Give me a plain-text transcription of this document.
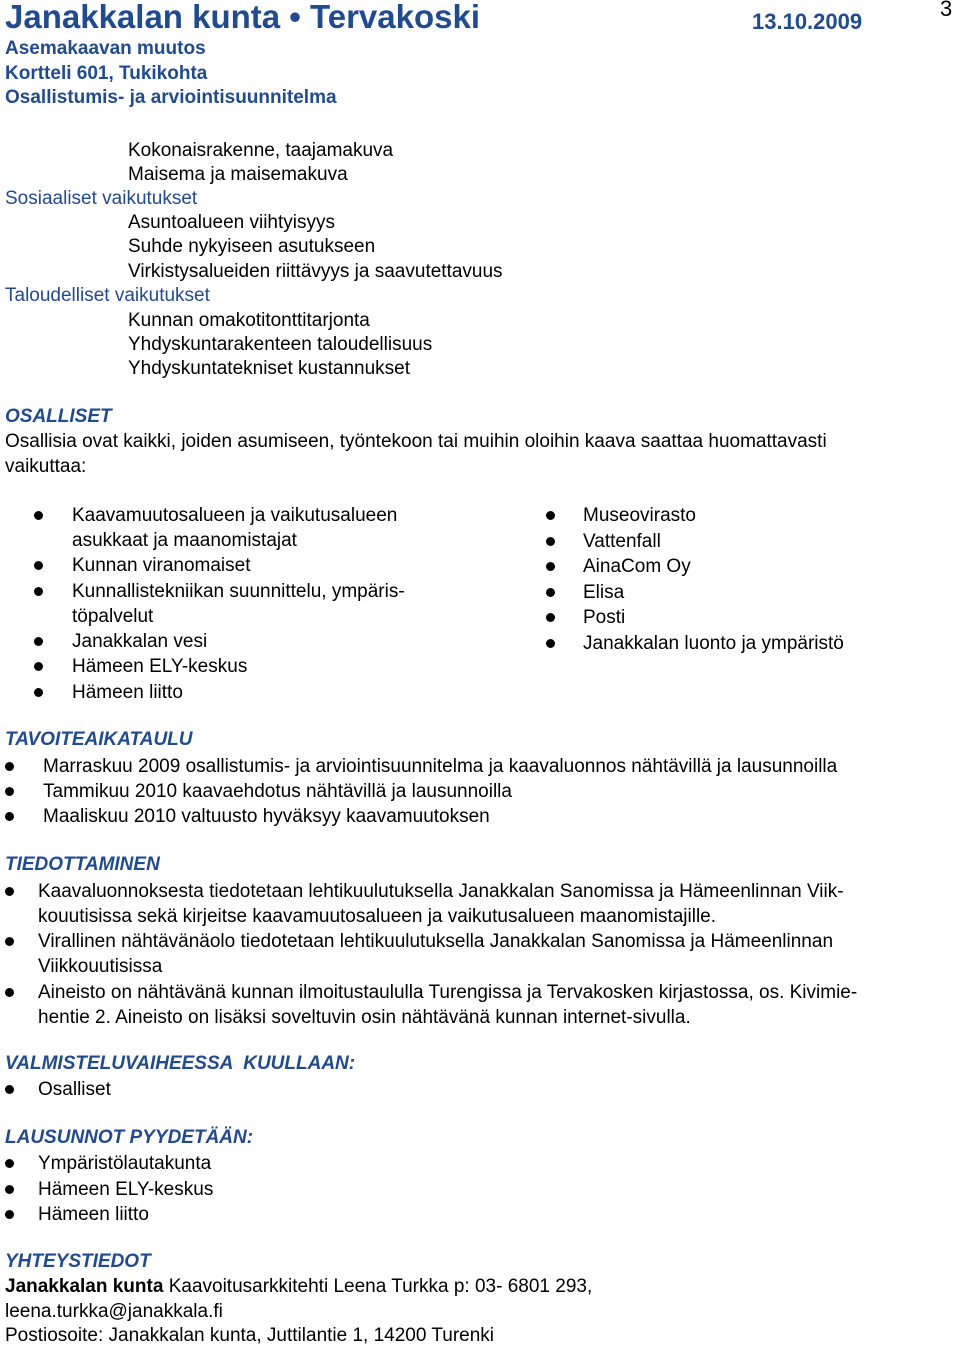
Janakkalan kunta • Tervakoski	13.10.2009
3
Asemakaavan muutos
Kortteli 601, Tukikohta
Osallistumis- ja arviointisuunnitelma
Kokonaisrakenne, taajamakuva
Maisema ja maisemakuva
Sosiaaliset vaikutukset
Asuntoalueen viihtyisyys
Suhde nykyiseen asutukseen
Virkistysalueiden riittävyys ja saavutettavuus
Taloudelliset vaikutukset
Kunnan omakotitonttitarjonta
Yhdyskuntarakenteen taloudellisuus
Yhdyskuntatekniset kustannukset
OSALLISET
Osallisia ovat kaikki, joiden asumiseen, työntekoon tai muihin oloihin kaava saattaa huomattavasti
vaikuttaa:
Kaavamuutosalueen ja vaikutusalueen
asukkaat ja maanomistajat
Kunnan viranomaiset
Kunnallistekniikan suunnittelu, ympäris-
töpalvelut
Janakkalan vesi
Hämeen ELY-keskus
Hämeen liitto
Museovirasto
Vattenfall
AinaCom Oy
Elisa
Posti
Janakkalan luonto ja ympäristö
TAVOITEAIKATAULU
Marraskuu 2009 osallistumis- ja arviointisuunnitelma ja kaavaluonnos nähtävillä ja lausunnoilla
Tammikuu 2010 kaavaehdotus nähtävillä ja lausunnoilla
Maaliskuu 2010 valtuusto hyväksyy kaavamuutoksen
TIEDOTTAMINEN
Kaavaluonnoksesta tiedotetaan lehtikuulutuksella Janakkalan Sanomissa ja Hämeenlinnan Viik-
kouutisissa sekä kirjeitse kaavamuutosalueen ja vaikutusalueen maanomistajille.
Virallinen nähtävänäolo tiedotetaan lehtikuulutuksella Janakkalan Sanomissa ja Hämeenlinnan
Viikkouutisissa
Aineisto on nähtävänä kunnan ilmoitustaululla Turengissa ja Tervakosken kirjastossa, os. Kivimie-
hentie 2. Aineisto on lisäksi soveltuvin osin nähtävänä kunnan internet-sivulla.
VALMISTELUVAIHEESSA  KUULLAAN:
Osalliset
LAUSUNNOT PYYDETÄÄN:
Ympäristölautakunta
Hämeen ELY-keskus
Hämeen liitto
YHTEYSTIEDOT
Janakkalan kunta Kaavoitusarkkitehti Leena Turkka p: 03- 6801 293,
leena.turkka@janakkala.fi
Postiosoite: Janakkalan kunta, Juttilantie 1, 14200 Turenki
